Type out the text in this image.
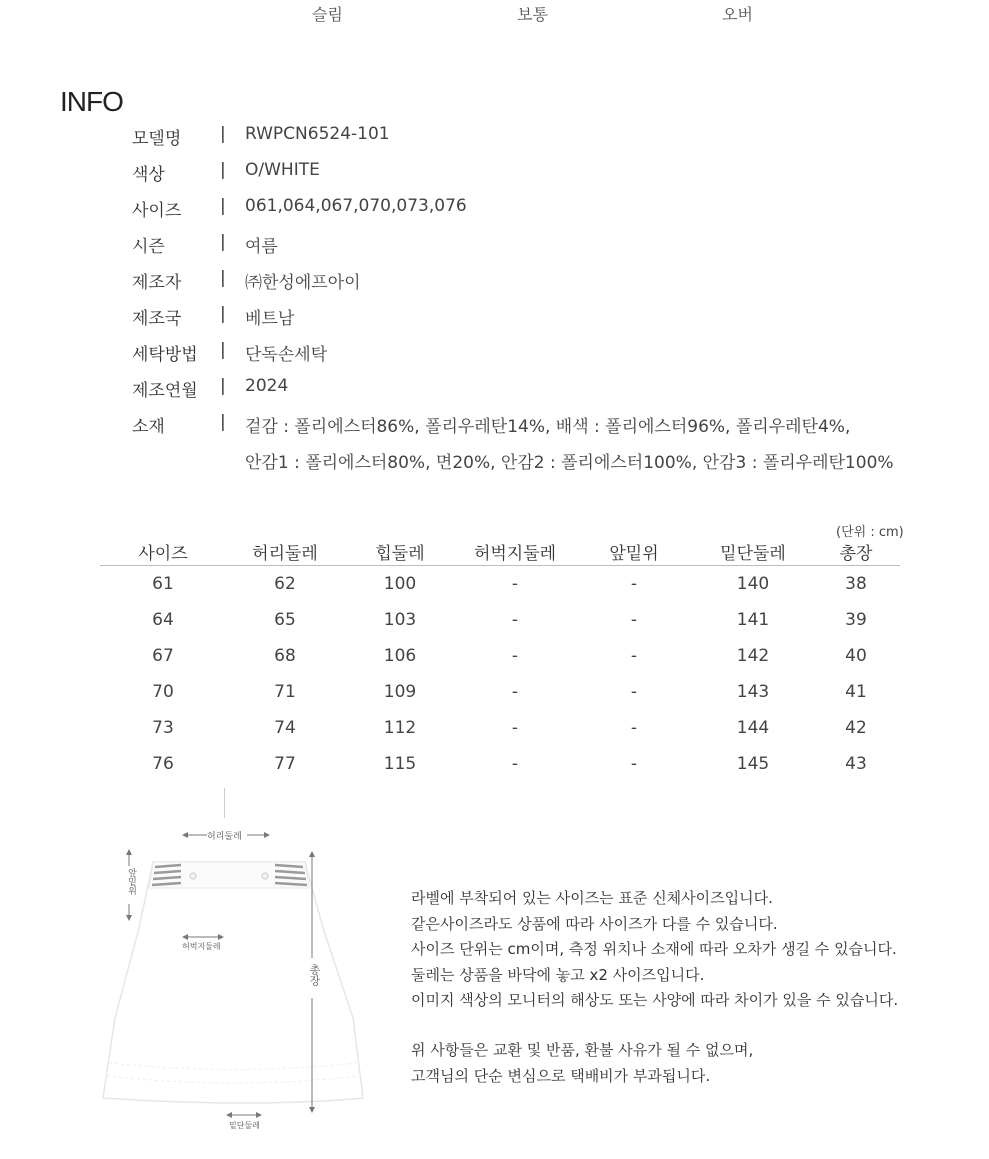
슬림	보통	오버
INFO
모델명	| RWPCN6524-101
색상	| O/WHITE
사이즈	| 061,064,067,070,073,076
시즌	| 여름
제조자	| ㈜한성에프아이
제조국	| 베트남
세탁방법	| 단독손세탁
제조연월	| 2024
소재	| 겉감 : 폴리에스터86%, 폴리우레탄14%, 배색 : 폴리에스터96%, 폴리우레탄4%,
안감1 : 폴리에스터80%, 면20%, 안감2 : 폴리에스터100%, 안감3 : 폴리우레탄100%
(단위 : cm)
사이즈	허리둘레	힙둘레	허벅지둘레	앞밑위	밑단둘레	총장
61	62	100	-	-	140	38
64	65	103	-	-	141	39
67	68	106	-	-	142	40
70	71	109	-	-	143	41
73	74	112	-	-	144	42
76	77	115	-	-	145	43
허리둘레
앞밑위
허벅지둘레
총장
밑단둘레

라벨에 부착되어 있는 사이즈는 표준 신체사이즈입니다.

같은사이즈라도 상품에 따라 사이즈가 다를 수 있습니다.

사이즈 단위는 cm이며, 측정 위치나 소재에 따라 오차가 생길 수 있습니다.

둘레는 상품을 바닥에 놓고 x2 사이즈입니다.

이미지 색상의 모니터의 해상도 또는 사양에 따라 차이가 있을 수 있습니다.

위 사항들은 교환 및 반품, 환불 사유가 될 수 없으며,

고객님의 단순 변심으로 택배비가 부과됩니다.
